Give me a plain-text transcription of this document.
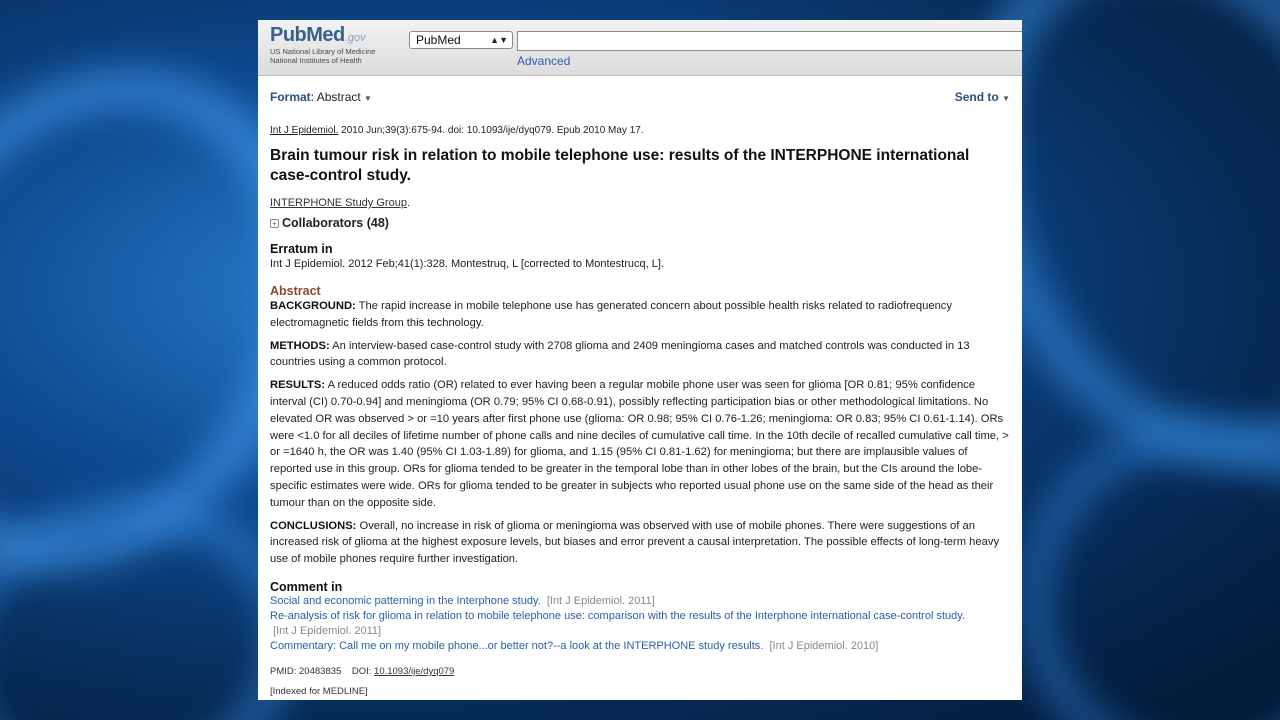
PubMed.gov
US National Library of Medicine
National Institutes of Health
PubMed	▲▼
Advanced
Format: Abstract ▼	Send to ▼
Int J Epidemiol. 2010 Jun;39(3):675-94. doi: 10.1093/ije/dyq079. Epub 2010 May 17.
Brain tumour risk in relation to mobile telephone use: results of the INTERPHONE international case-control study.
INTERPHONE Study Group.
+ Collaborators (48)
Erratum in
Int J Epidemiol. 2012 Feb;41(1):328. Montestruq, L [corrected to Montestrucq, L].
Abstract
BACKGROUND: The rapid increase in mobile telephone use has generated concern about possible health risks related to radiofrequency electromagnetic fields from this technology.
METHODS: An interview-based case-control study with 2708 glioma and 2409 meningioma cases and matched controls was conducted in 13 countries using a common protocol.
RESULTS: A reduced odds ratio (OR) related to ever having been a regular mobile phone user was seen for glioma [OR 0.81; 95% confidence interval (CI) 0.70-0.94] and meningioma (OR 0.79; 95% CI 0.68-0.91), possibly reflecting participation bias or other methodological limitations. No elevated OR was observed > or =10 years after first phone use (glioma: OR 0.98; 95% CI 0.76-1.26; meningioma: OR 0.83; 95% CI 0.61-1.14). ORs were <1.0 for all deciles of lifetime number of phone calls and nine deciles of cumulative call time. In the 10th decile of recalled cumulative call time, > or =1640 h, the OR was 1.40 (95% CI 1.03-1.89) for glioma, and 1.15 (95% CI 0.81-1.62) for meningioma; but there are implausible values of reported use in this group. ORs for glioma tended to be greater in the temporal lobe than in other lobes of the brain, but the CIs around the lobe-specific estimates were wide. ORs for glioma tended to be greater in subjects who reported usual phone use on the same side of the head as their tumour than on the opposite side.
CONCLUSIONS: Overall, no increase in risk of glioma or meningioma was observed with use of mobile phones. There were suggestions of an increased risk of glioma at the highest exposure levels, but biases and error prevent a causal interpretation. The possible effects of long-term heavy use of mobile phones require further investigation.
Comment in
Social and economic patterning in the Interphone study. [Int J Epidemiol. 2011]
Re-analysis of risk for glioma in relation to mobile telephone use: comparison with the results of the Interphone international case-control study.
[Int J Epidemiol. 2011]
Commentary: Call me on my mobile phone...or better not?--a look at the INTERPHONE study results. [Int J Epidemiol. 2010]
PMID: 20483835 DOI: 10.1093/ije/dyq079
[Indexed for MEDLINE]
